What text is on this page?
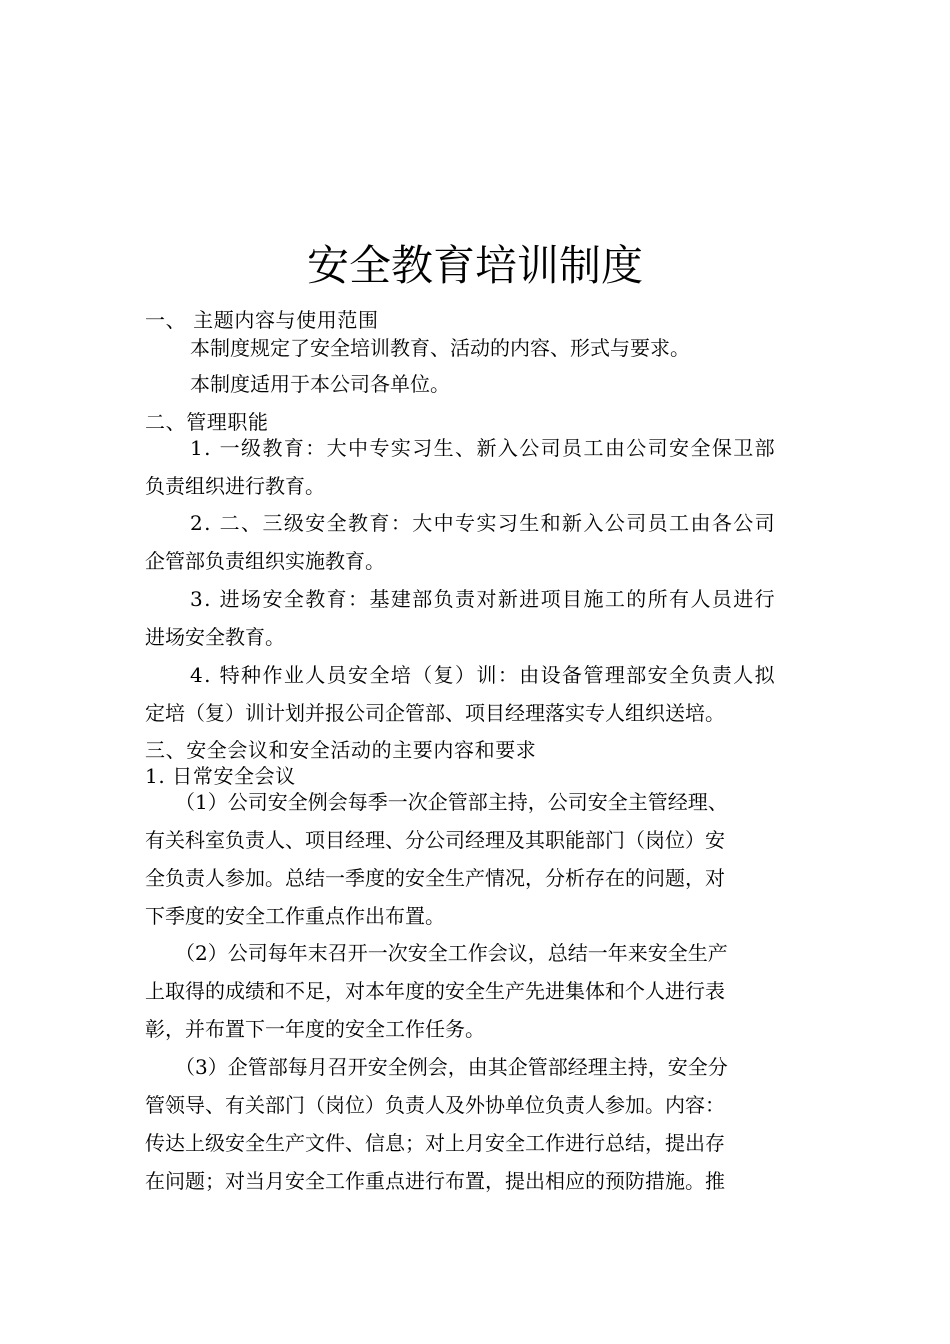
安全教育培训制度

一、 主题内容与使用范围

本制度规定了安全培训教育、活动的内容、形式与要求。

本制度适用于本公司各单位。

二、管理职能

1. 一级教育：大中专实习生、新入公司员工由公司安全保卫部

负责组织进行教育。

2. 二、三级安全教育：大中专实习生和新入公司员工由各公司

企管部负责组织实施教育。

3. 进场安全教育：基建部负责对新进项目施工的所有人员进行

进场安全教育。

4. 特种作业人员安全培（复）训：由设备管理部安全负责人拟

定培（复）训计划并报公司企管部、项目经理落实专人组织送培。

三、安全会议和安全活动的主要内容和要求

1. 日常安全会议

（1）公司安全例会每季一次企管部主持，公司安全主管经理、

有关科室负责人、项目经理、分公司经理及其职能部门（岗位）安

全负责人参加。总结一季度的安全生产情况，分析存在的问题，对

下季度的安全工作重点作出布置。

（2）公司每年末召开一次安全工作会议，总结一年来安全生产

上取得的成绩和不足，对本年度的安全生产先进集体和个人进行表

彰，并布置下一年度的安全工作任务。

（3）企管部每月召开安全例会，由其企管部经理主持，安全分

管领导、有关部门（岗位）负责人及外协单位负责人参加。内容：

传达上级安全生产文件、信息；对上月安全工作进行总结，提出存

在问题；对当月安全工作重点进行布置，提出相应的预防措施。推
